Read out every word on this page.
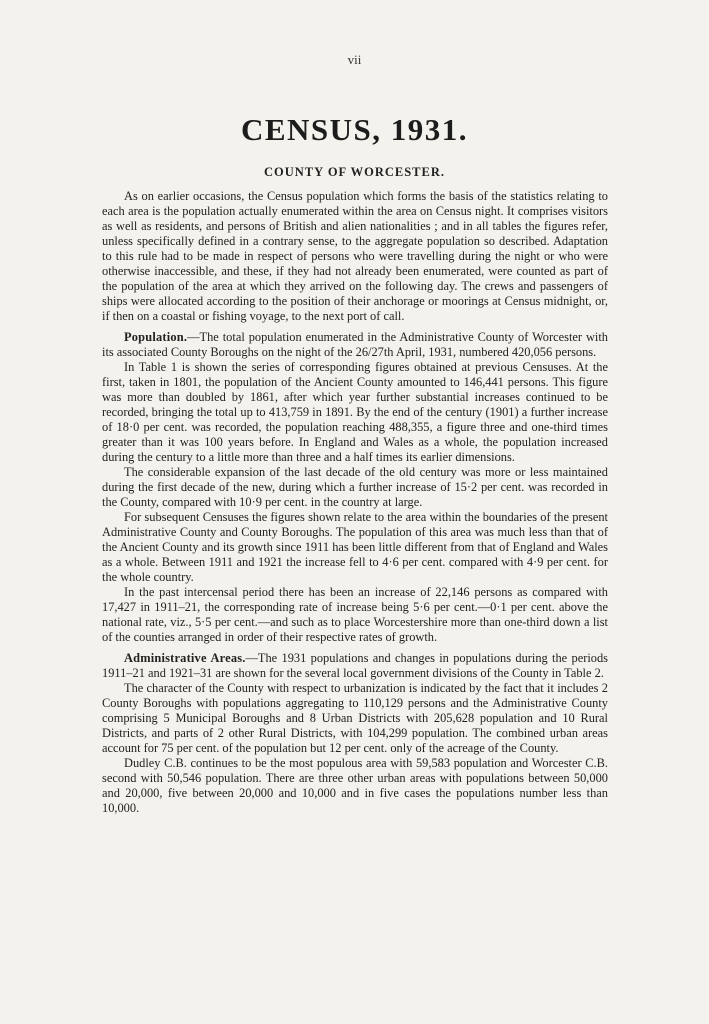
vii
CENSUS, 1931.
COUNTY OF WORCESTER.

As on earlier occasions, the Census population which forms the basis of the statistics relating to each area is the population actually enumerated within the area on Census night. It comprises visitors as well as residents, and persons of British and alien nationalities ; and in all tables the figures refer, unless specifically defined in a contrary sense, to the aggregate population so described. Adaptation to this rule had to be made in respect of persons who were travelling during the night or who were otherwise inaccessible, and these, if they had not already been enumerated, were counted as part of the population of the area at which they arrived on the following day. The crews and passengers of ships were allocated according to the position of their anchorage or moorings at Census midnight, or, if then on a coastal or fishing voyage, to the next port of call.

Population.—The total population enumerated in the Administrative County of Worcester with its associated County Boroughs on the night of the 26/27th April, 1931, numbered 420,056 persons.

In Table 1 is shown the series of corresponding figures obtained at previous Censuses. At the first, taken in 1801, the population of the Ancient County amounted to 146,441 persons. This figure was more than doubled by 1861, after which year further substantial increases continued to be recorded, bringing the total up to 413,759 in 1891. By the end of the century (1901) a further increase of 18·0 per cent. was recorded, the population reaching 488,355, a figure three and one-third times greater than it was 100 years before. In England and Wales as a whole, the population increased during the century to a little more than three and a half times its earlier dimensions.

The considerable expansion of the last decade of the old century was more or less maintained during the first decade of the new, during which a further increase of 15·2 per cent. was recorded in the County, compared with 10·9 per cent. in the country at large.

For subsequent Censuses the figures shown relate to the area within the boundaries of the present Administrative County and County Boroughs. The population of this area was much less than that of the Ancient County and its growth since 1911 has been little different from that of England and Wales as a whole. Between 1911 and 1921 the increase fell to 4·6 per cent. compared with 4·9 per cent. for the whole country.

In the past intercensal period there has been an increase of 22,146 persons as compared with 17,427 in 1911–21, the corresponding rate of increase being 5·6 per cent.—0·1 per cent. above the national rate, viz., 5·5 per cent.—and such as to place Worcestershire more than one-third down a list of the counties arranged in order of their respective rates of growth.

Administrative Areas.—The 1931 populations and changes in populations during the periods 1911–21 and 1921–31 are shown for the several local government divisions of the County in Table 2.

The character of the County with respect to urbanization is indicated by the fact that it includes 2 County Boroughs with populations aggregating to 110,129 persons and the Administrative County comprising 5 Municipal Boroughs and 8 Urban Districts with 205,628 population and 10 Rural Districts, and parts of 2 other Rural Districts, with 104,299 population. The combined urban areas account for 75 per cent. of the population but 12 per cent. only of the acreage of the County.

Dudley C.B. continues to be the most populous area with 59,583 population and Worcester C.B. second with 50,546 population. There are three other urban areas with populations between 50,000 and 20,000, five between 20,000 and 10,000 and in five cases the populations number less than 10,000.
